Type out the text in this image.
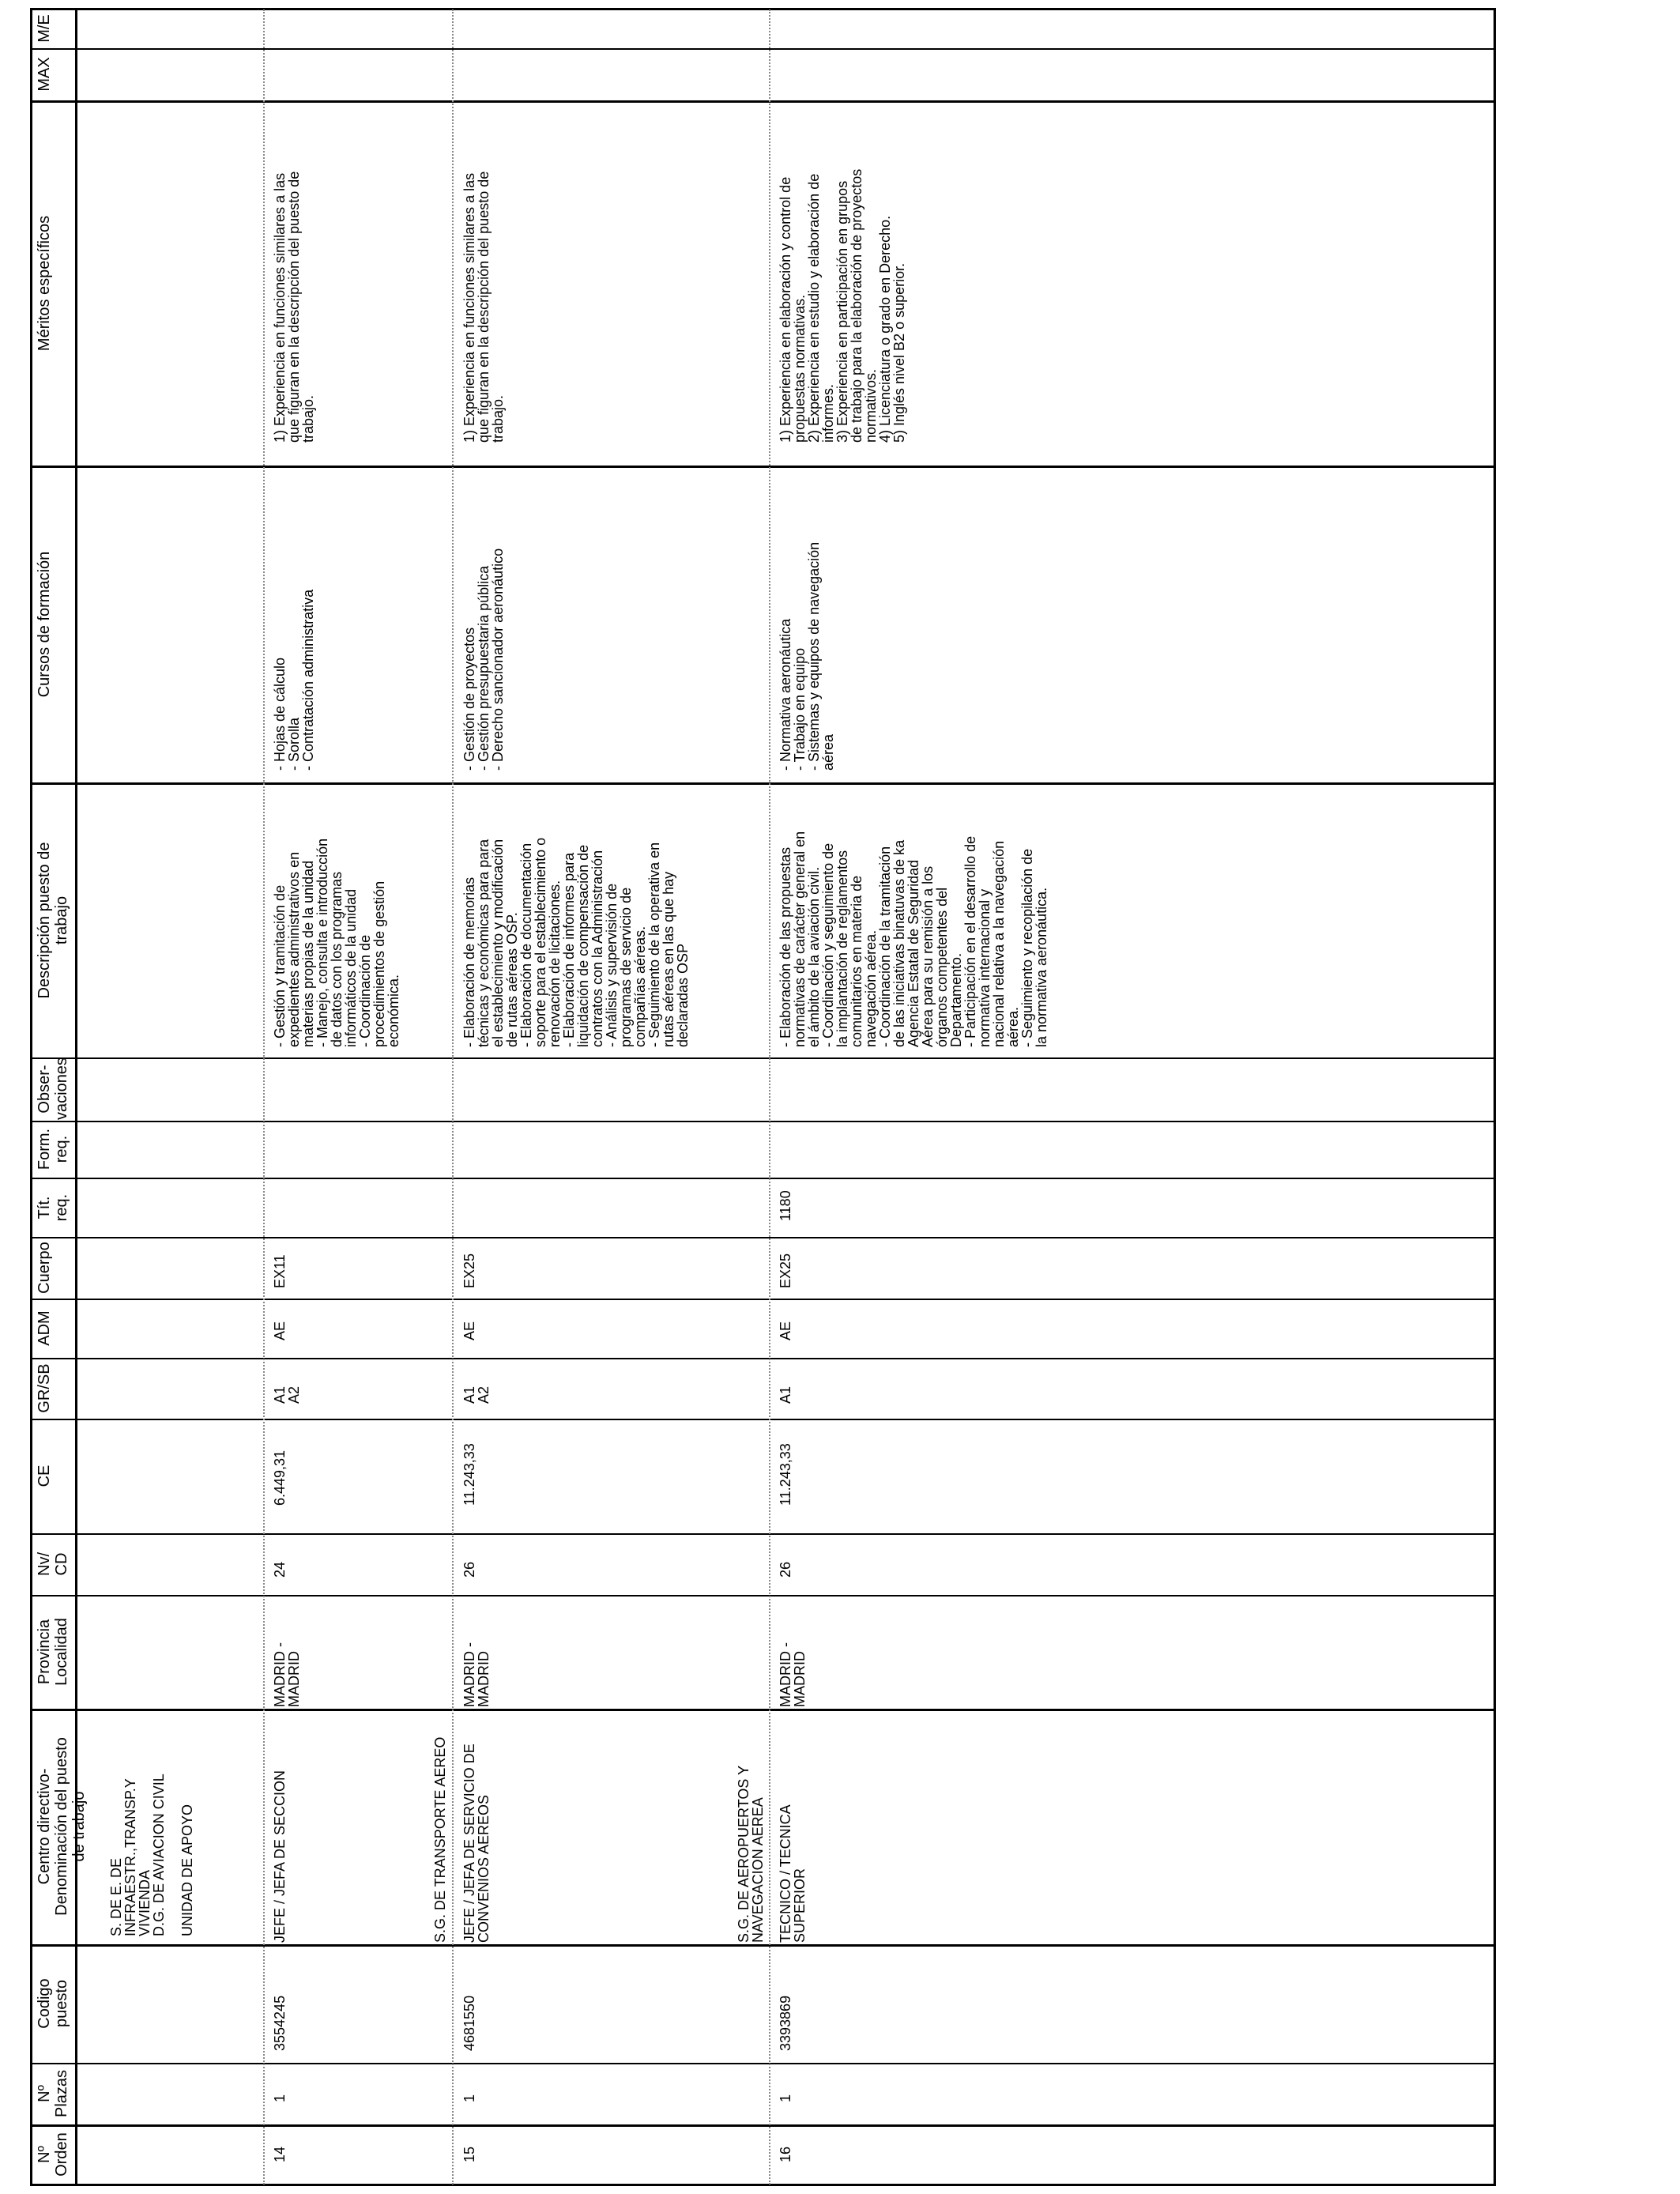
M/E
MAX
Méritos específicos
Cursos de formación
Descripción puesto de
trabajo
Obser-
vaciones
Form.
req.
Tít.
req.
Cuerpo
ADM
GR/SB
CE
Nv/
CD
Provincia
Localidad
Centro directivo-
Denominación del puesto
de trabajo
Codigo
puesto
Nº
Plazas
Nº
Orden
S. DE E. DE
INFRAESTR.,TRANSP.Y
VIVIENDA
D.G. DE AVIACION CIVIL UNIDAD DE APOYO
14
1
3554245
JEFE / JEFA DE SECCION
MADRID -
MADRID
24
6.449,31
A1
A2
AE
EX11
- Gestión y tramitación de
expedientes administrativos en
materias propias de la unidad
- Manejo, consulta e introducción
de datos con los programas
informáticos de la unidad
- Coordinación de
procedimientos de gestión
económica.
- Hojas de cálculo
- Sorolla
- Contratación administrativa
1) Experiencia en funciones similares a las
que figuran en la descripción del puesto de
trabajo.
S.G. DE TRANSPORTE AEREO
15
1
4681550
JEFE / JEFA DE SERVICIO DE
CONVENIOS AEREOS
MADRID -
MADRID
26
11.243,33
A1
A2
AE
EX25
- Elaboración de memorias
técnicas y económicas para para
el establecimiento y modificación
de rutas aéreas OSP.
- Elaboración de documentación
soporte para el establecimiento o
renovación de licitaciones.
- Elaboración de informes para
liquidación de compensación de
contratos con la Administración
- Análisis y supervisión de
programas de servicio de
compañías aéreas.
- Seguimiento de la operativa en
rutas aéreas en las que hay
declaradas OSP
- Gestión de proyectos
- Gestión presupuestaria pública
- Derecho sancionador aeronáutico
1) Experiencia en funciones similares a las
que figuran en la descripción del puesto de
trabajo.
S.G. DE AEROPUERTOS Y
NAVEGACION AEREA
16
1
3393869
TECNICO / TECNICA
SUPERIOR
MADRID -
MADRID
26
11.243,33
A1
AE
EX25
1180
- Elaboración de las propuestas
normativas de carácter general en
el ámbito de la aviación civil.
- Coordinación y seguimiento de
la implantación de reglamentos
comunitarios en materia de
navegación aérea.
- Coordinación de la tramitación
de las iniciativas binatuvas de ka
Agencia Estatal de Seguridad
Aérea para su remisión a los
órganos competentes del
Departamento.
- Participación en el desarrollo de
normativa internacional y
nacional relativa a la navegación
aérea.
- Seguimiento y recopilación de
la normativa aeronáutica.
- Normativa aeronáutica
- Trabajo en equipo
- Sistemas y equipos de navegación
aérea
1) Experiencia en elaboración y control de
propuestas normativas.
2) Experiencia en estudio y elaboración de
informes.
3) Experiencia en participación en grupos
de trabajo para la elaboración de proyectos
normativos.
4) Licenciatura o grado en Derecho.
5) Inglés nivel B2 o superior.
